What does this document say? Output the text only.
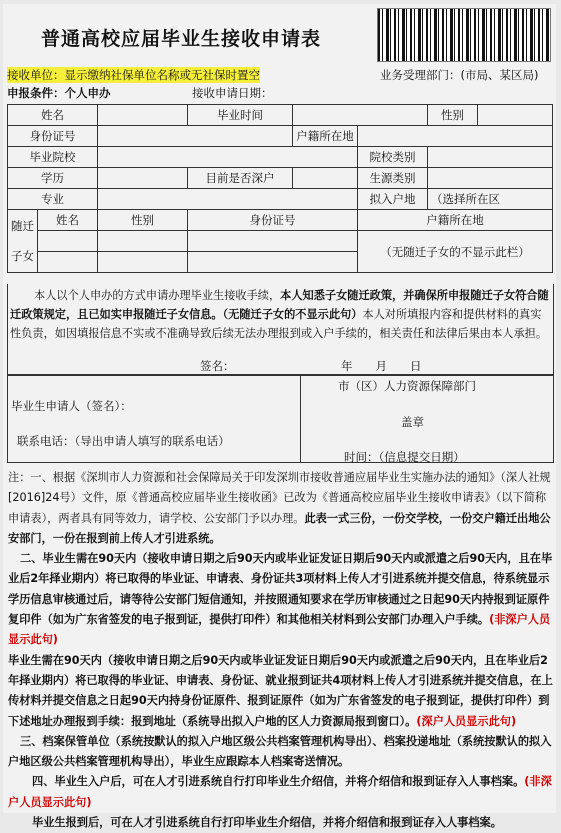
普通高校应届毕业生接收申请表
接收单位：显示缴纳社保单位名称或无社保时置空	业务受理部门：(市局、某区局)
申报条件：个人申办	接收申请日期：
姓名			毕业时间			性别	
身份证号				户籍所在地			
毕业院校					院校类别		
学历			目前是否深户		生源类别		
专业					拟入户地	（选择所在区	
随迁子女	姓名	性别	身份证号		户籍所在地		
					（无随迁子女的不显示此栏）		

本人以个人申办的方式申请办理毕业生接收手续，本人知悉子女随迁政策，并确保所申报随迁子女符合随迁政策规定，且已如实申报随迁子女信息。（无随迁子女的不显示此句）本人对所填报内容和提供材料的真实性负责，如因填报信息不实或不准确导致后续无法办理报到或入户手续的，相关责任和法律后果由本人承担。
签名：	年　　月　　日
毕业生申请人（签名）：
联系电话：（导出申请人填写的联系电话）
市（区）人力资源保障部门
盖章
时间：（信息提交日期）

注：一、根据《深圳市人力资源和社会保障局关于印发深圳市接收普通应届毕业生实施办法的通知》（深人社规[2016]24号）文件，原《普通高校应届毕业生接收函》已改为《普通高校应届毕业生接收申请表》（以下简称申请表），两者具有同等效力，请学校、公安部门予以办理。此表一式三份，一份交学校，一份交户籍迁出地公安部门，一份在报到前上传人才引进系统。

二、毕业生需在90天内（接收申请日期之后90天内或毕业证发证日期后90天内或派遣之后90天内，且在毕业后2年择业期内）将已取得的毕业证、申请表、身份证共3项材料上传人才引进系统并提交信息，待系统显示学历信息审核通过后，请等待公安部门短信通知，并按照通知要求在学历审核通过之日起90天内持报到证原件复印件（如为广东省签发的电子报到证，提供打印件）和其他相关材料到公安部门办理入户手续。(非深户人员显示此句)

毕业生需在90天内（接收申请日期之后90天内或毕业证发证日期后90天内或派遣之后90天内，且在毕业后2年择业期内）将已取得的毕业证、申请表、身份证、就业报到证共4项材料上传人才引进系统并提交信息，在上传材料并提交信息之日起90天内持身份证原件、报到证原件（如为广东省签发的电子报到证，提供打印件）到下述地址办理报到手续：报到地址（系统导出拟入户地的区人力资源局报到窗口）。(深户人员显示此句)

三、档案保管单位（系统按默认的拟入户地区级公共档案管理机构导出）、档案投递地址（系统按默认的拟入户地区级公共档案管理机构导出），毕业生应跟踪本人档案寄送情况。

四、毕业生入户后，可在人才引进系统自行打印毕业生介绍信，并将介绍信和报到证存入人事档案。(非深户人员显示此句)

毕业生报到后，可在人才引进系统自行打印毕业生介绍信，并将介绍信和报到证存入人事档案。
